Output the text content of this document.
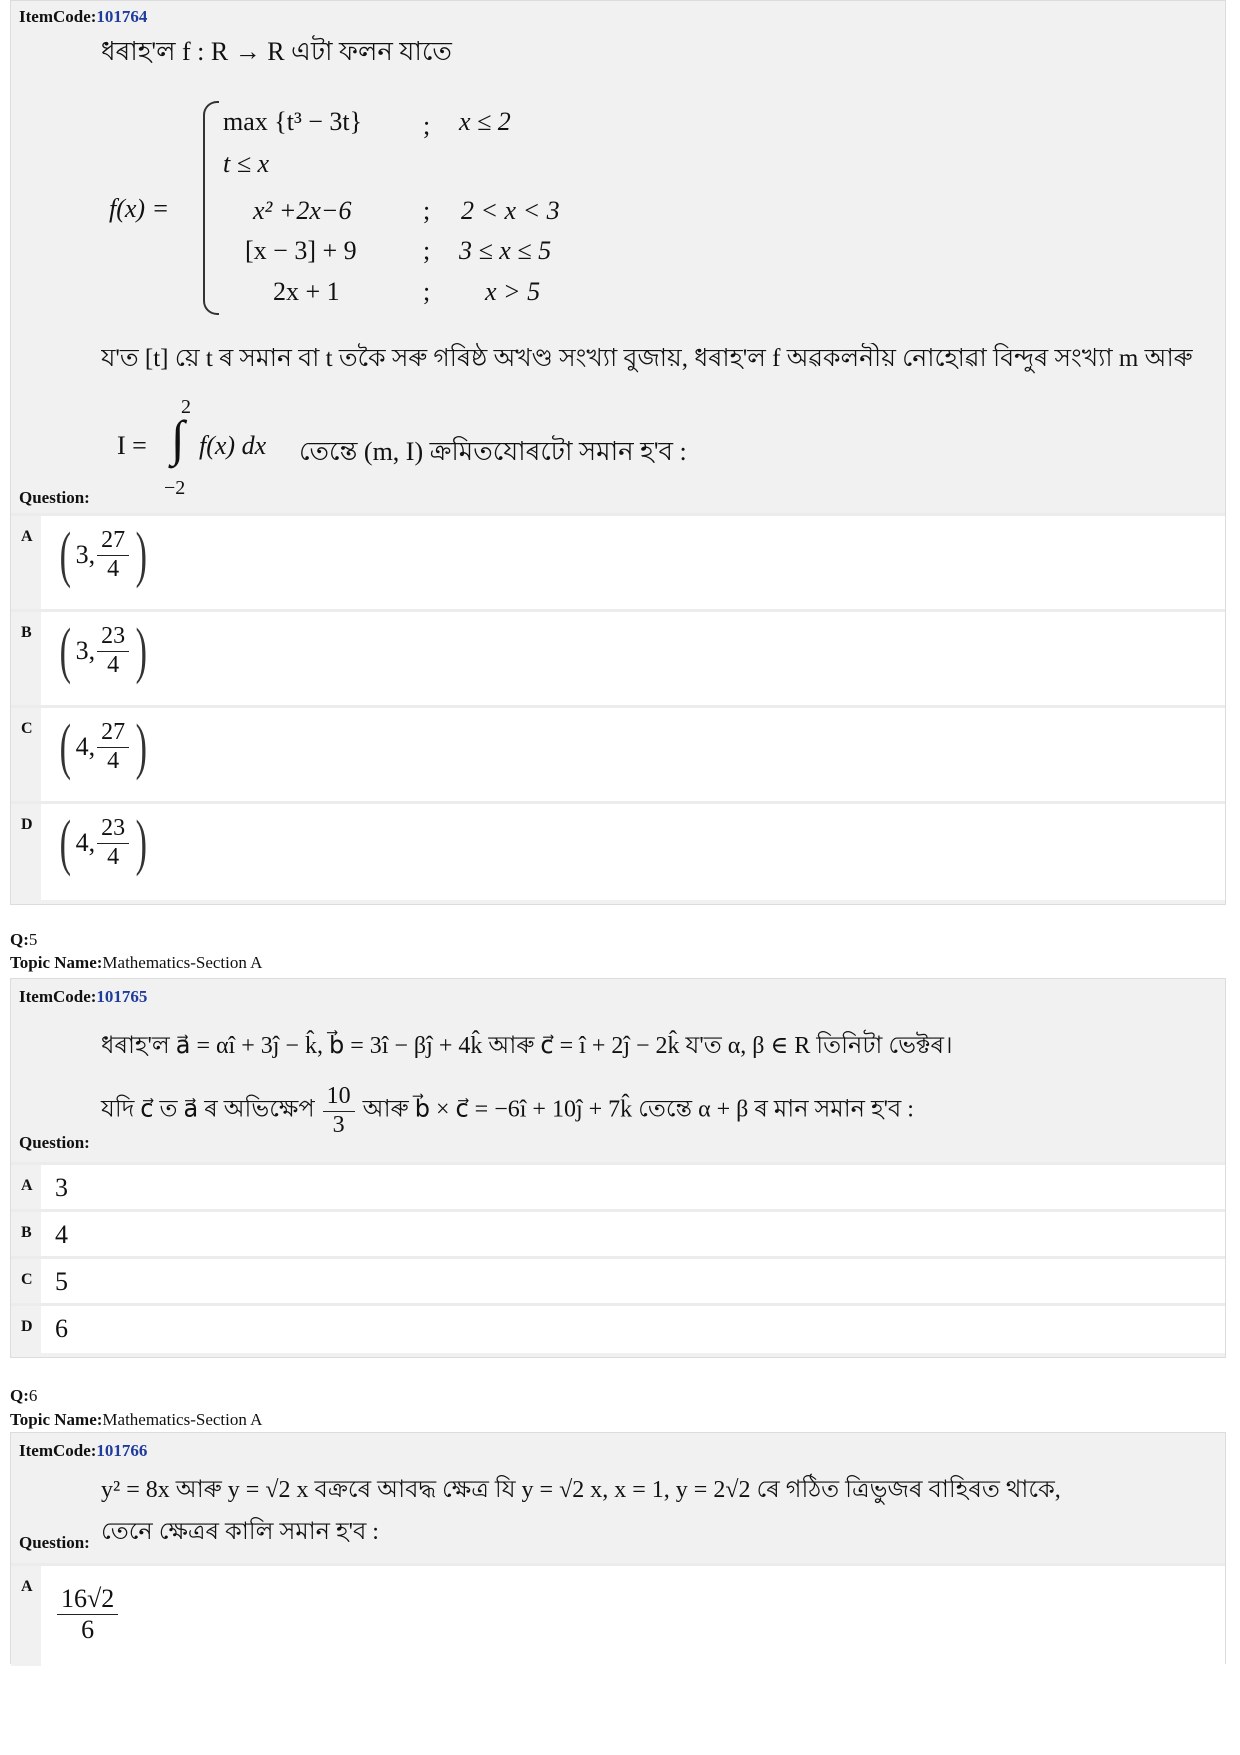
ItemCode:101764
ধৰাহ'ল f : R → R এটা ফলন যাতে
f(x) =
max {t³ − 3t}
t ≤ x
; x ≤ 2
x² +2x−6	; 2 < x < 3
[x − 3] + 9	; 3 ≤ x ≤ 5
2x + 1	; x > 5
য'ত [t] য়ে t ৰ সমান বা t তকৈ সৰু গৰিষ্ঠ অখণ্ড সংখ্যা বুজায়, ধৰাহ'ল f অৱকলনীয় নোহোৱা বিন্দুৰ সংখ্যা m আৰু
I =
2
∫
−2
f(x) dx তেন্তে (m, I) ক্ৰমিতযোৰটো সমান হ'ব :
Question:
A ( 3, $\frac{27}{4}$ )
B ( 3, $\frac{23}{4}$ )
C ( 4, $\frac{27}{4}$ )
D ( 4, $\frac{23}{4}$ )
Q:5
Topic Name:Mathematics-Section A
ItemCode:101765
ধৰাহ'ল a⃗ = αî + 3ĵ − k̂, b⃗ = 3î − βĵ + 4k̂ আৰু c⃗ = î + 2ĵ − 2k̂ য'ত α, β ∈ R তিনিটা ভেক্টৰ।
যদি c⃗ ত a⃗ ৰ অভিক্ষেপ $\frac{10}{3}$ আৰু b⃗ × c⃗ = −6î + 10ĵ + 7k̂ তেন্তে α + β ৰ মান সমান হ'ব :
Question:
A 3
B 4
C 5
D 6
Q:6
Topic Name:Mathematics-Section A
ItemCode:101766
y² = 8x আৰু y = √2 x বক্ৰৰে আবদ্ধ ক্ষেত্ৰ যি y = √2 x, x = 1, y = 2√2 ৰে গঠিত ত্ৰিভুজৰ বাহিৰত থাকে,
তেনে ক্ষেত্ৰৰ কালি সমান হ'ব :
Question:
A $\frac{16√2}{6}$
